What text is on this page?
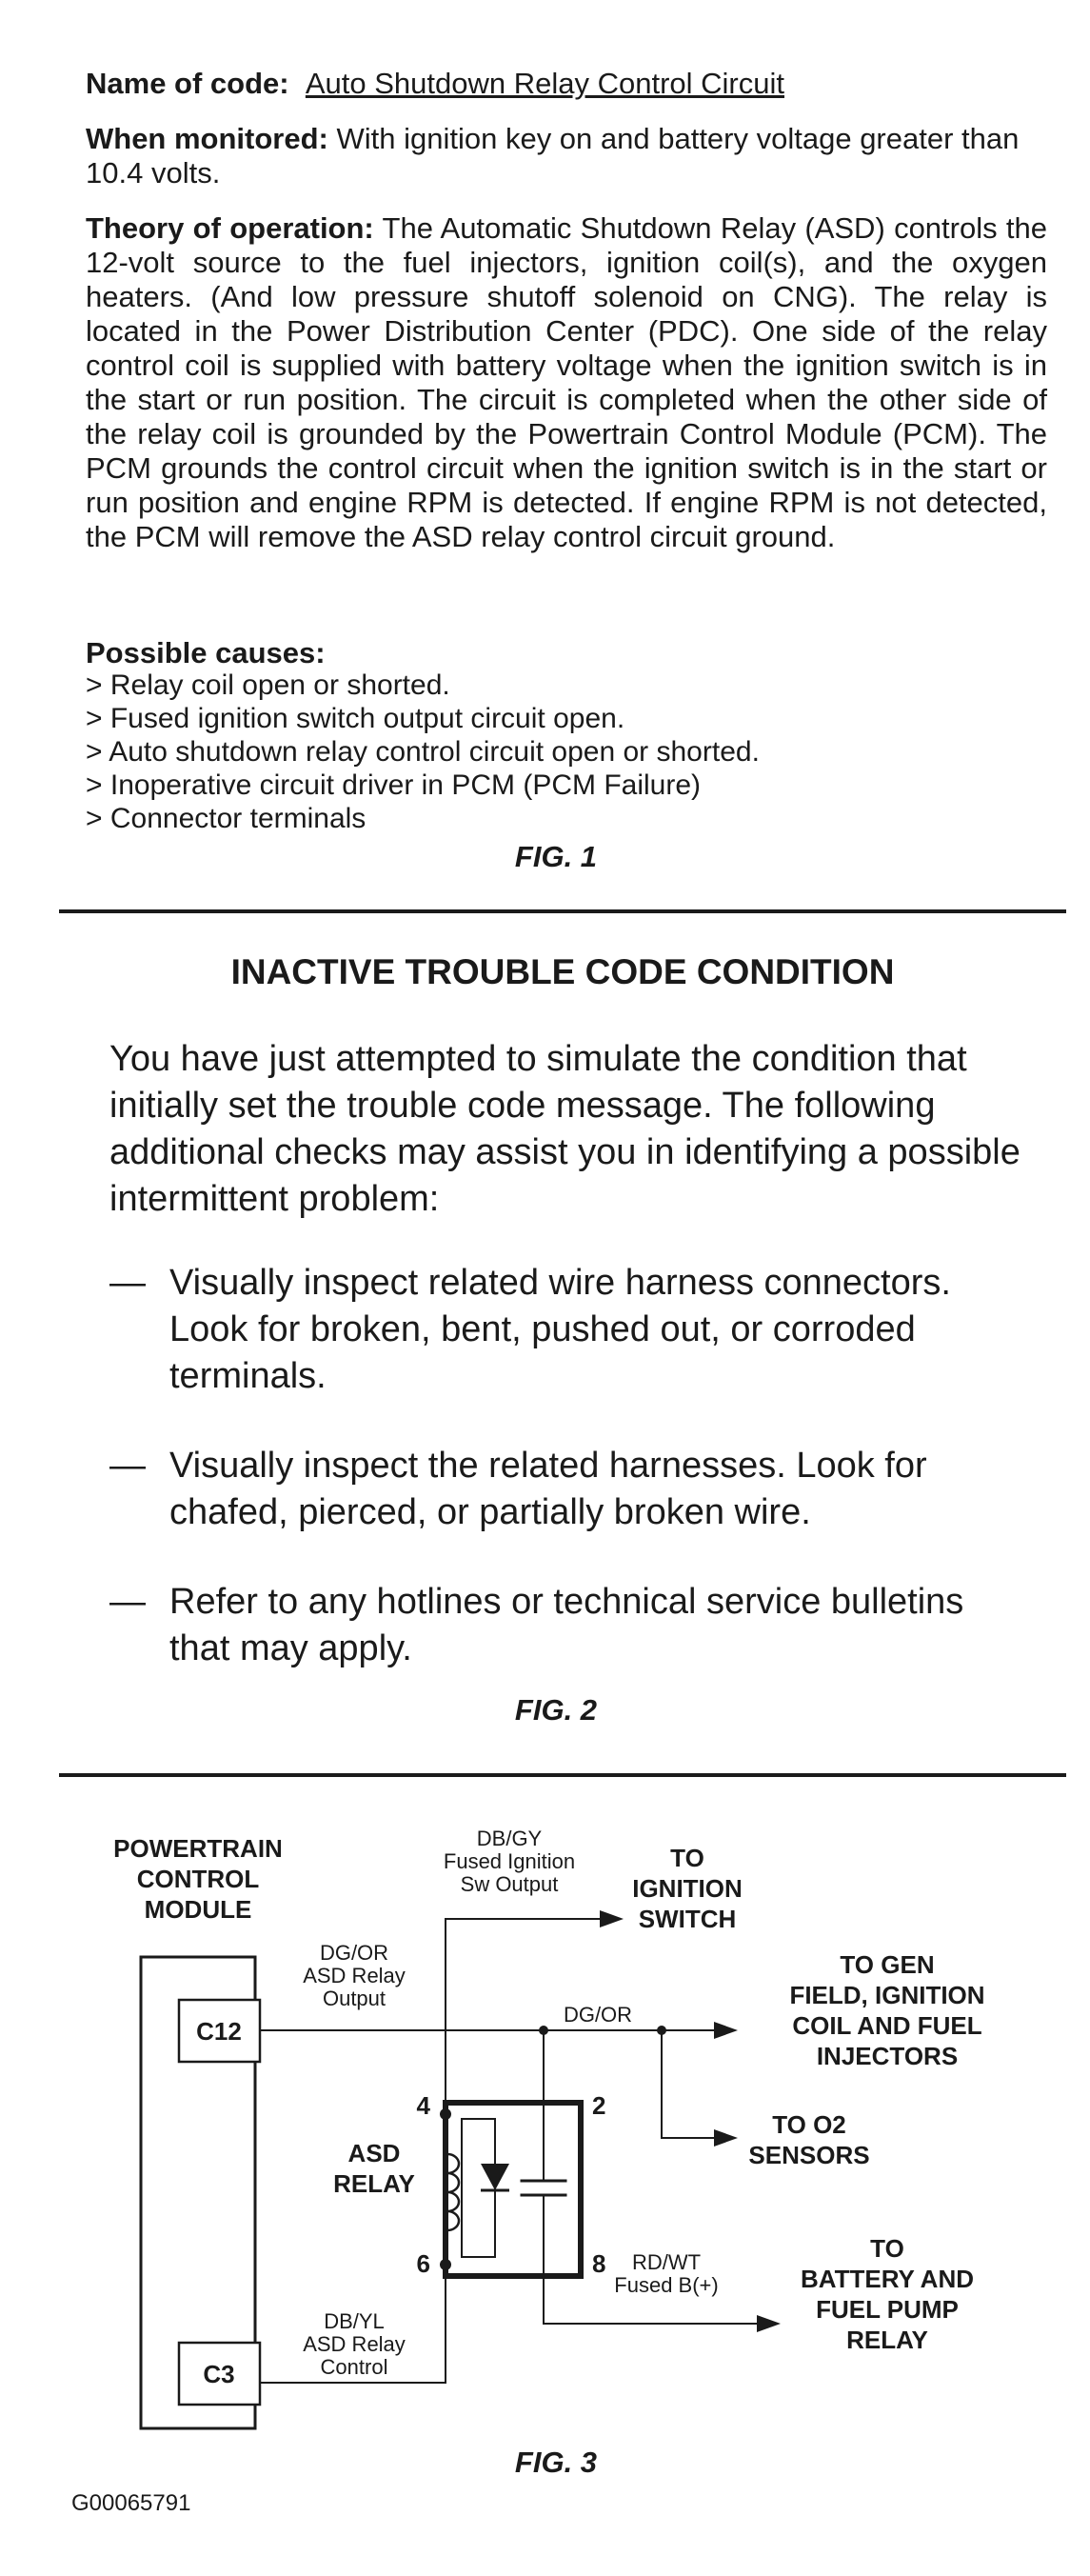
Name of code: Auto Shutdown Relay Control Circuit
When monitored: With ignition key on and battery voltage greater than 10.4 volts.
Theory of operation: The Automatic Shutdown Relay (ASD) controls the 12-volt source to the fuel injectors, ignition coil(s), and the oxygen heaters. (And low pressure shutoff solenoid on CNG). The relay is located in the Power Distribution Center (PDC). One side of the relay control coil is supplied with battery voltage when the ignition switch is in the start or run position. The circuit is completed when the other side of the relay coil is grounded by the Powertrain Control Module (PCM). The PCM grounds the control circuit when the ignition switch is in the start or run position and engine RPM is detected. If engine RPM is not detected, the PCM will remove the ASD relay control circuit ground.
Possible causes:
> Relay coil open or shorted.
> Fused ignition switch output circuit open.
> Auto shutdown relay control circuit open or shorted.
> Inoperative circuit driver in PCM (PCM Failure)
> Connector terminals
FIG. 1
INACTIVE TROUBLE CODE CONDITION
You have just attempted to simulate the condition that initially set the trouble code message. The following additional checks may assist you in identifying a possible intermittent problem:
— Visually inspect related wire harness connectors. Look for broken, bent, pushed out, or corroded terminals.
— Visually inspect the related harnesses. Look for chafed, pierced, or partially broken wire.
— Refer to any hotlines or technical service bulletins that may apply.
FIG. 2
POWERTRAIN
CONTROL
MODULE
C12
C3
TO
IGNITION
SWITCH
TO GEN
FIELD, IGNITION
COIL AND FUEL
INJECTORS
TO O2
SENSORS
ASD
RELAY
4	2
6	8
TO
BATTERY AND
FUEL PUMP
RELAY
DB/GY
Fused Ignition
Sw Output
DG/OR
ASD Relay
Output
DG/OR
RD/WT
Fused B(+)
DB/YL
ASD Relay
Control
FIG. 3
G00065791
